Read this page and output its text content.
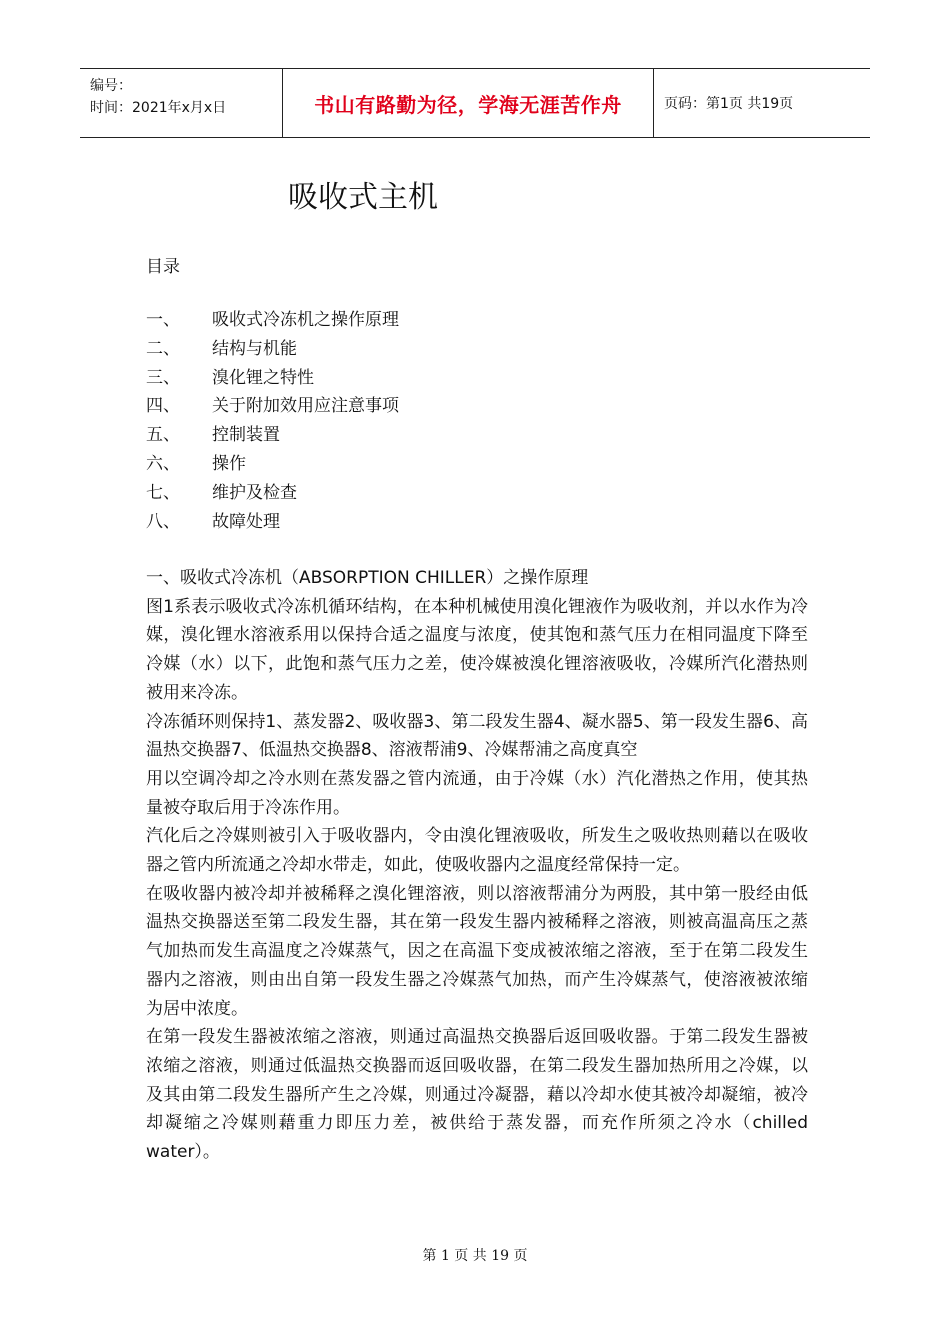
编号：
时间：2021年x月x日	书山有路勤为径，学海无涯苦作舟	页码：第1页 共19页
吸收式主机
目录
一、	吸收式冷冻机之操作原理
二、	结构与机能
三、	溴化锂之特性
四、	关于附加效用应注意事项
五、	控制装置
六、	操作
七、	维护及检查
八、	故障处理

一、吸收式冷冻机（ABSORPTION CHILLER）之操作原理

图1系表示吸收式冷冻机循环结构，在本种机械使用溴化锂液作为吸收剂，并以水作为冷媒，溴化锂水溶液系用以保持合适之温度与浓度，使其饱和蒸气压力在相同温度下降至冷媒（水）以下，此饱和蒸气压力之差，使冷媒被溴化锂溶液吸收，冷媒所汽化潜热则被用来冷冻。

冷冻循环则保持1、蒸发器2、吸收器3、第二段发生器4、凝水器5、第一段发生器6、高温热交换器7、低温热交换器8、溶液帮浦9、冷媒帮浦之高度真空

用以空调冷却之冷水则在蒸发器之管内流通，由于冷媒（水）汽化潜热之作用，使其热量被夺取后用于冷冻作用。

汽化后之冷媒则被引入于吸收器内，令由溴化锂液吸收，所发生之吸收热则藉以在吸收器之管内所流通之冷却水带走，如此，使吸收器内之温度经常保持一定。

在吸收器内被冷却并被稀释之溴化锂溶液，则以溶液帮浦分为两股，其中第一股经由低温热交换器送至第二段发生器，其在第一段发生器内被稀释之溶液，则被高温高压之蒸气加热而发生高温度之冷媒蒸气，因之在高温下变成被浓缩之溶液，至于在第二段发生器内之溶液，则由出自第一段发生器之冷媒蒸气加热，而产生冷媒蒸气，使溶液被浓缩为居中浓度。

在第一段发生器被浓缩之溶液，则通过高温热交换器后返回吸收器。于第二段发生器被浓缩之溶液，则通过低温热交换器而返回吸收器，在第二段发生器加热所用之冷媒，以及其由第二段发生器所产生之冷媒，则通过冷凝器，藉以冷却水使其被冷却凝缩，被冷却凝缩之冷媒则藉重力即压力差，被供给于蒸发器，而充作所须之冷水（chilled water）。

第 1 页 共 19 页
